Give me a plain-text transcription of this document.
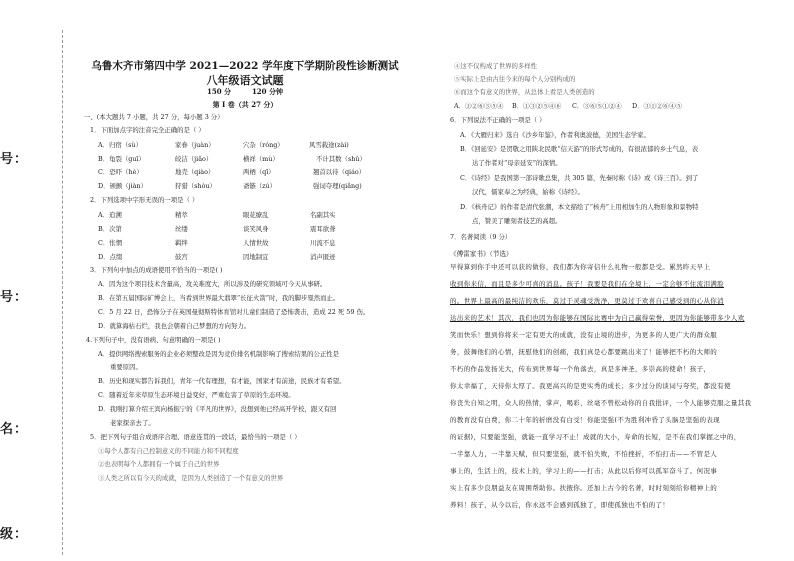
号：
号：
名：
级：
乌鲁木齐市第四中学 2021—2022 学年度下学期阶段性诊断测试
八年级语文试题
150 分	120 分钟
第 I 卷（共 27 分）
一、(本大题共 7 小题，共 27 分，每小题 3 分）
1．下面加点字的注音完全正确的是（ ）
A．归宿（sù）	家眷（juàn）	穴杂（róng）	风雪载途(zài)
B．龟裂（guī）	皎洁（jiǎo）	横祥（mù）	不计其数（shǔ）
C．恐吓（hè）	地壳（qiào）	两栖（qī）	翘首以待（qiáo）
D．颁颤（jiàn）	狩猎（shòu）	斋镞（zú）	强词夺理(qiǎng)
2．下列选项中字形无误的一项是（ ）
A．追溯	精萃	眼花缭乱	名副其实
B．次第	丝缕	谈笑风身	震耳欲聋
C．怅惘	羁绊	人情世故	川流不息
D．点缀	鼓宫	因地制宜	消声匿迹
3．下列句中加点的成语使用不恰当的一项是( )
A．因为这个项目技术含量高，攻关难度大，所以涉及的研究领域可今天从事研。
B．在第五届国际矿博会上，当看到世界最大翡翠“长征火箭”时，我的脚步戛然而止。
C．5 月 22 日，恐怖分子在英国曼彻斯特体育馆对儿童们制造了恐怖袭击，造成 22 死 59 伤。
D．就算海枯石烂，我也会朝着自己梦想的方向努力。
4.下列句子中，没有语病、句意明确的一项是( )
A．提供网络搜索服务的企业必须整改是因为竞价排名机制影响了搜索结果的公正性是
重要原因。
B．历史和现实都告诉我们，青年一代有理想，有才能，国家才有前途，民族才有希望。
C．随着近年来草原生态环境日益变好，严重危害了草原的生态环境。
D．我刚打算介绍王宾向杨振宁的《平凡的世界》，没想到他已经高开学校，跟又有回
老家探亲去了。
5．把下列句子组合成语序合理、语意连贯的一段话，最恰当的一项是（ ）
①每个人都有自己控制意义的不同能力和不同程度
②也表明每个人都拥有一个属于自己的世界
③人类之所以有今天的成就，是因为人类创造了一个有意义的世界
④这不仅构成了世界的多样性
⑤实际上是由古往今来的每个人分别构成的
⑥而这个有意义的世界，从总体上看是人类创造的
A．①②⑥③⑤④ B．①③②⑤④⑥ C．③⑥⑤①②④ D．③①②⑥④⑤
6．下列说法不正确的一项是（ ）
A．《大雁归来》选自《沙乡年鉴》，作者利奥波德，美国生态学家。
B．《回延安》是贺敬之用陕北民歌“信天游”的形式写成的，有很浓郁的乡土气息，表
达了作者对“母亲延安”的深情。
C．《诗经》是我国第一部诗歌总集，共 305 篇，先秦时称《诗》或《诗三百》。到了
汉代，儒家奉之为经典，始称《诗经》。
D．《核舟记》的作者是清代张潮，本文描绘了“核舟”上用相加生的人物形象和景物特
点，赞美了雕刻者技艺的高超。
7．名著阅读（9 分）
《傅雷家书》（节选）
早得算到你手中还可以获的做你，我们都为你寄信什么礼物一般都是受。累然昨天早上
收到你来信，而且是多少可喜的消息。孩子！我要是我们在全境上，一定会够不住流泪满脸
的。世界上最高的最纯洁的欢乐，莫过于灵魂受洗净，更莫过于欢喜自己感受到的心从你消
达出来的艺术！其次，我们也因为你能够在国际比赛中为自己赢得荣誉，更因为你能够带多少人欢
笑而快乐！想到你将来一定有更大的成就，没有止境的进步，为更多的人更广大的群众服
务，鼓舞他们的心情，抚慰他们的创痛，我们真是心都要跳出来了！能够把不朽的大师的
不朽的作品发扬光大，传布到世界每一个角落去，真是多神圣，多崇高的使命！孩子，
你太幸福了，天待你太厚了。我更高兴的是更实秀的成长；多少过分的谈词与夸奖，都没有使
你丧失自知之明，众人的热情，掌声，喝彩，丝毫不曾松动你的自我批评，一个人能够克服之量其我
的教育没有白费，你二十年的折磨没有白受！你能坚强(不为胜利冲昏了头脑是坚强的表现
的证据)，只要能坚强，就能一直学习不止！成就的大小，寿命的长短，是不在我们掌握之中的，
一半靠人力，一半靠天赋，但只要坚强，就不怕失败，不怕挫折，不怕打击——不管是人
事上的，生活上的，技术上的，学习上的——打击；从此以后你可以孤军奋斗了。何况事
实上有多少良朋益友在周围帮助你。扶掖你。还加上古今的名著，时时刻刻给你精神上的
养料！孩子，从今以后，你永远不会感到孤独了，即使孤独也不怕的了！
